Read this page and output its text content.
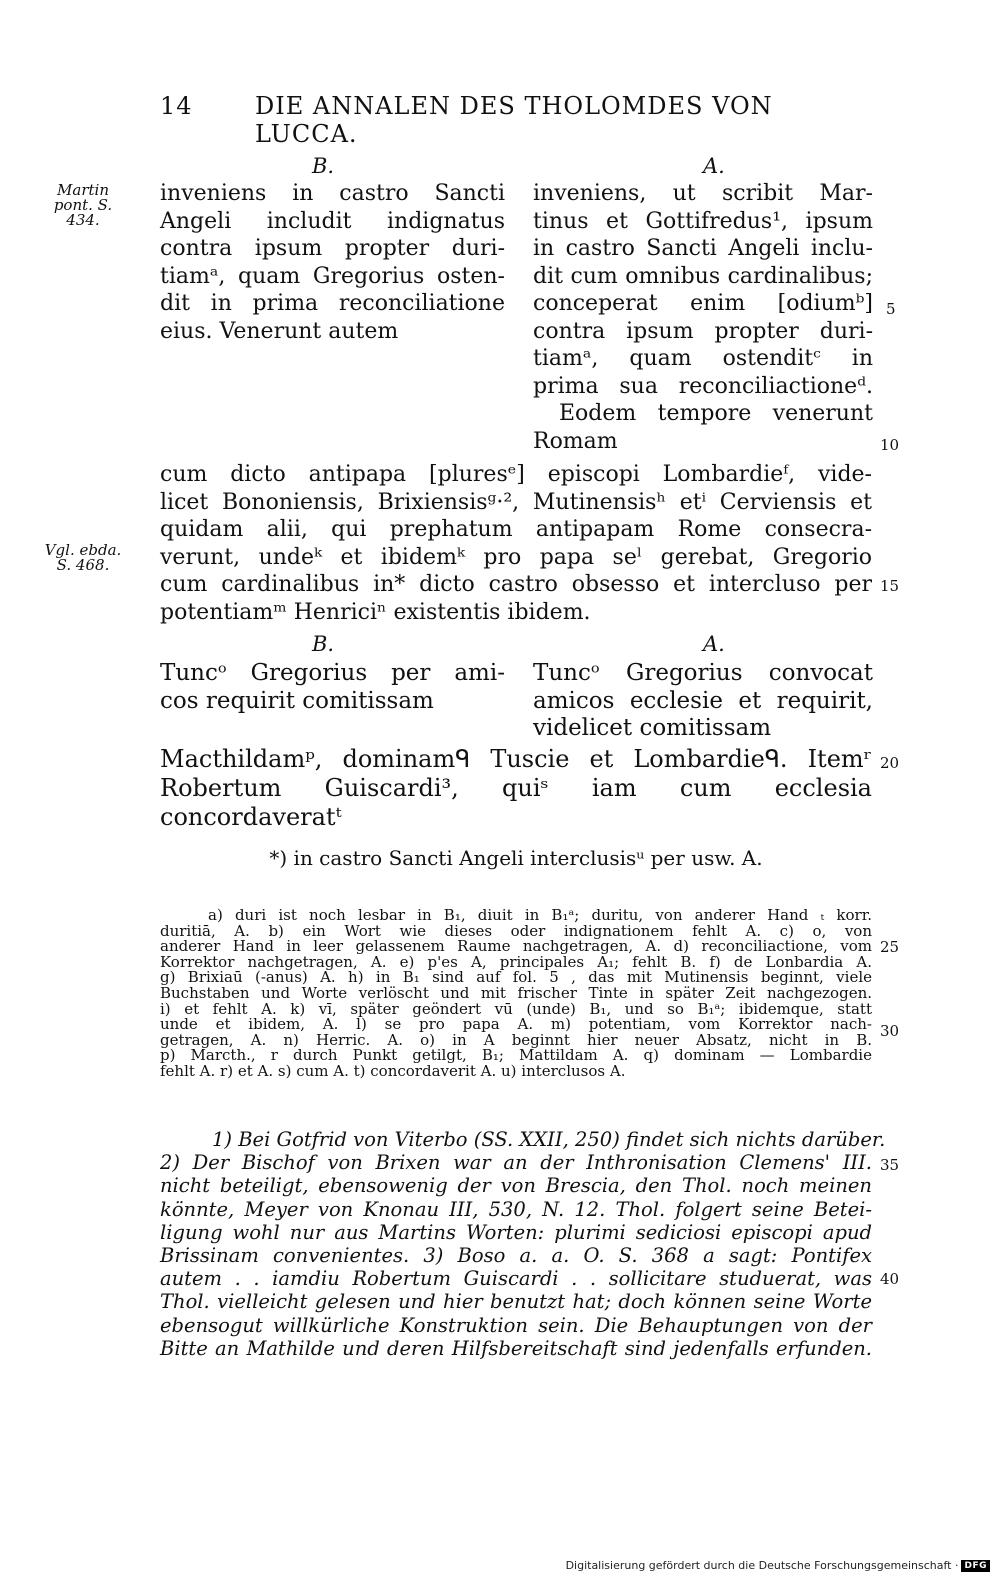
14	DIE ANNALEN DES THOLOMDES VON LUCCA.
Martin pont. S. 434.
Vgl. ebda. S. 468.
B.	A.
inveniens in castro Sancti
Angeli includit indignatus
contra ipsum propter duri-
tiamᵃ, quam Gregorius osten-
dit in prima reconciliatione
eius. Venerunt autem
inveniens, ut scribit Mar-
tinus et Gottifredus¹, ipsum
in castro Sancti Angeli inclu-
dit cum omnibus cardinalibus;
conceperat enim [odiumᵇ]
contra ipsum propter duri-
tiamᵃ, quam ostenditᶜ in
prima sua reconciliactioneᵈ.
Eodem tempore venerunt
Romam
cum dicto antipapa [pluresᵉ] episcopi Lombardieᶠ, vide-
licet Bononiensis, Brixiensisᵍ·², Mutinensisʰ etⁱ Cerviensis et
quidam alii, qui prephatum antipapam Rome consecra-
verunt, undeᵏ et ibidemᵏ pro papa seˡ gerebat, Gregorio
cum cardinalibus in* dicto castro obsesso et intercluso per
potentiamᵐ Henriciⁿ existentis ibidem.
B.	A.
Tuncᵒ Gregorius per ami-
cos requirit comitissam
Tuncᵒ Gregorius convocat
amicos ecclesie et requirit,
videlicet comitissam
Macthildamᵖ, dominamᑫ Tuscie et Lombardieᑫ. Itemʳ
Robertum Guiscardi³, quiˢ iam cum ecclesia concordaveratᵗ
*) in castro Sancti Angeli interclusisᵘ per usw. A.
5
10
15
20
25
30
35
40
a) duri ist noch lesbar in B₁, diuit in B₁ᵃ; duritu, von anderer Hand ₜ korr.
duritiā, A. b) ein Wort wie dieses oder indignationem fehlt A. c) o, von
anderer Hand in leer gelassenem Raume nachgetragen, A. d) reconciliactione, vom
Korrektor nachgetragen, A. e) p'es A, principales A₁; fehlt B. f) de Lonbardia A.
g) Brixiaū (-anus) A. h) in B₁ sind auf fol. 5 , das mit Mutinensis beginnt, viele
Buchstaben und Worte verlöscht und mit frischer Tinte in später Zeit nachgezogen.
i) et fehlt A. k) vī, später geöndert vū (unde) B₁, und so B₁ᵃ; ibidemque, statt
unde et ibidem, A. l) se pro papa A. m) potentiam, vom Korrektor nach-
getragen, A. n) Herric. A. o) in A beginnt hier neuer Absatz, nicht in B.
p) Marcth., r durch Punkt getilgt, B₁; Mattildam A. q) dominam — Lombardie
fehlt A. r) et A. s) cum A. t) concordaverit A. u) interclusos A.
1) Bei Gotfrid von Viterbo (SS. XXII, 250) findet sich nichts darüber.
2) Der Bischof von Brixen war an der Inthronisation Clemens' III.
nicht beteiligt, ebensowenig der von Brescia, den Thol. noch meinen
könnte, Meyer von Knonau III, 530, N. 12. Thol. folgert seine Betei-
ligung wohl nur aus Martins Worten: plurimi sediciosi episcopi apud
Brissinam convenientes. 3) Boso a. a. O. S. 368 a sagt: Pontifex
autem . . iamdiu Robertum Guiscardi . . sollicitare studuerat, was
Thol. vielleicht gelesen und hier benutzt hat; doch können seine Worte
ebensogut willkürliche Konstruktion sein. Die Behauptungen von der
Bitte an Mathilde und deren Hilfsbereitschaft sind jedenfalls erfunden.
Digitalisierung gefördert durch die Deutsche Forschungsgemeinschaft · DFG
